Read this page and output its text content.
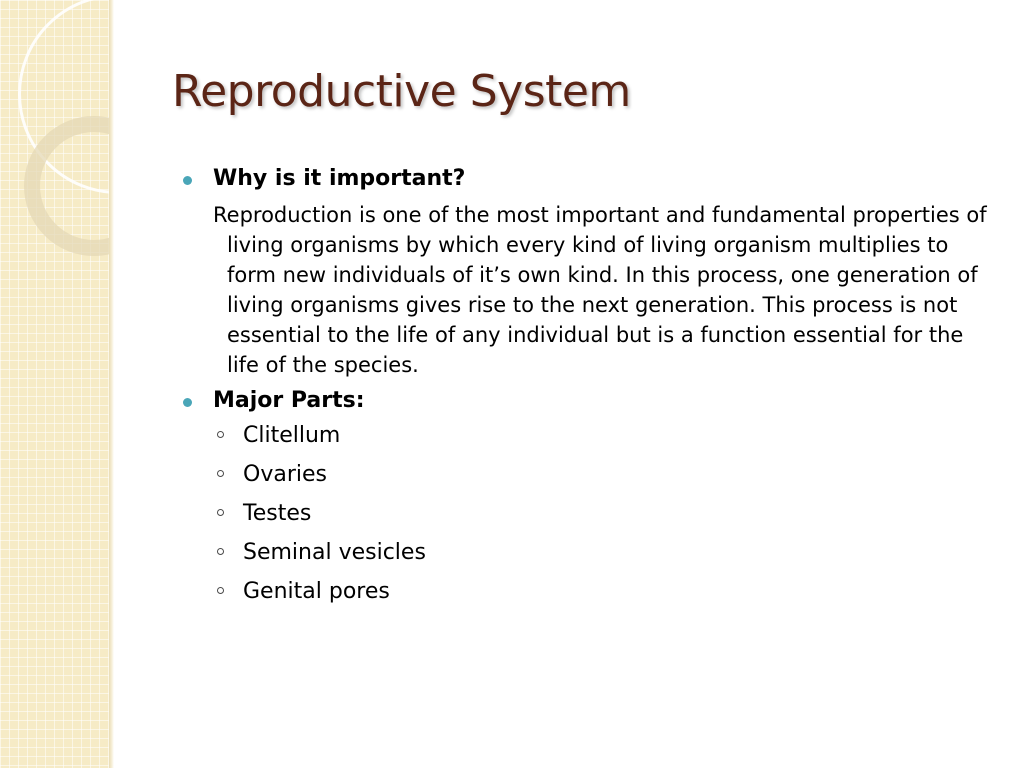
Reproductive System
Why is it important?
Reproduction is one of the most important and fundamental properties of living organisms by which every kind of living organism multiplies to form new individuals of it’s own kind. In this process, one generation of living organisms gives rise to the next generation. This process is not essential to the life of any individual but is a function essential for the life of the species.
Major Parts:
Clitellum
Ovaries
Testes
Seminal vesicles
Genital pores
